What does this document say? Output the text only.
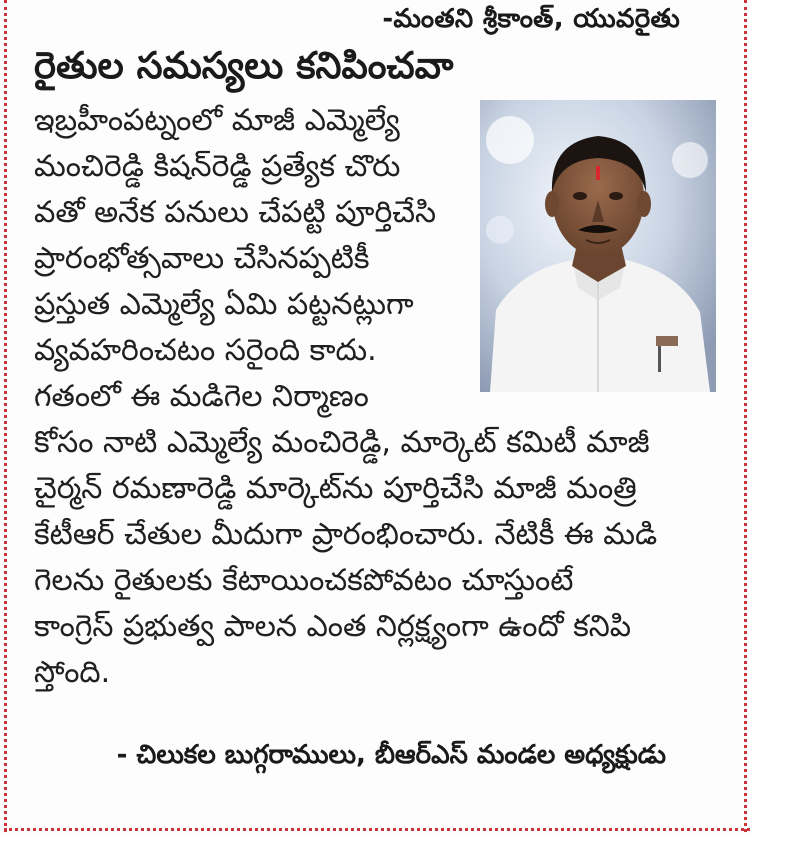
-మంతని శ్రీకాంత్, యువరైతు
రైతుల సమస్యలు కనిపించవా
ఇబ్రహీంపట్నంలో మాజీ ఎమ్మెల్యే
మంచిరెడ్డి కిషన్‌రెడ్డి ప్రత్యేక చొరు
వతో అనేక పనులు చేపట్టి పూర్తిచేసి
ప్రారంభోత్సవాలు చేసినప్పటికీ
ప్రస్తుత ఎమ్మెల్యే ఏమి పట్టనట్లుగా
వ్యవహరించటం సరైంది కాదు.
గతంలో ఈ మడిగెల నిర్మాణం
కోసం నాటి ఎమ్మెల్యే మంచిరెడ్డి, మార్కెట్ కమిటీ మాజీ
చైర్మన్ రమణారెడ్డి మార్కెట్‌ను పూర్తిచేసి మాజీ మంత్రి
కేటీఆర్ చేతుల మీదుగా ప్రారంభించారు. నేటికీ ఈ మడి
గెలను రైతులకు కేటాయించకపోవటం చూస్తుంటే
కాంగ్రెస్ ప్రభుత్వ పాలన ఎంత నిర్లక్ష్యంగా ఉందో కనిపి
స్తోంది.
- చిలుకల బుగ్గరాములు, బీఆర్ఎస్ మండల అధ్యక్షుడు
